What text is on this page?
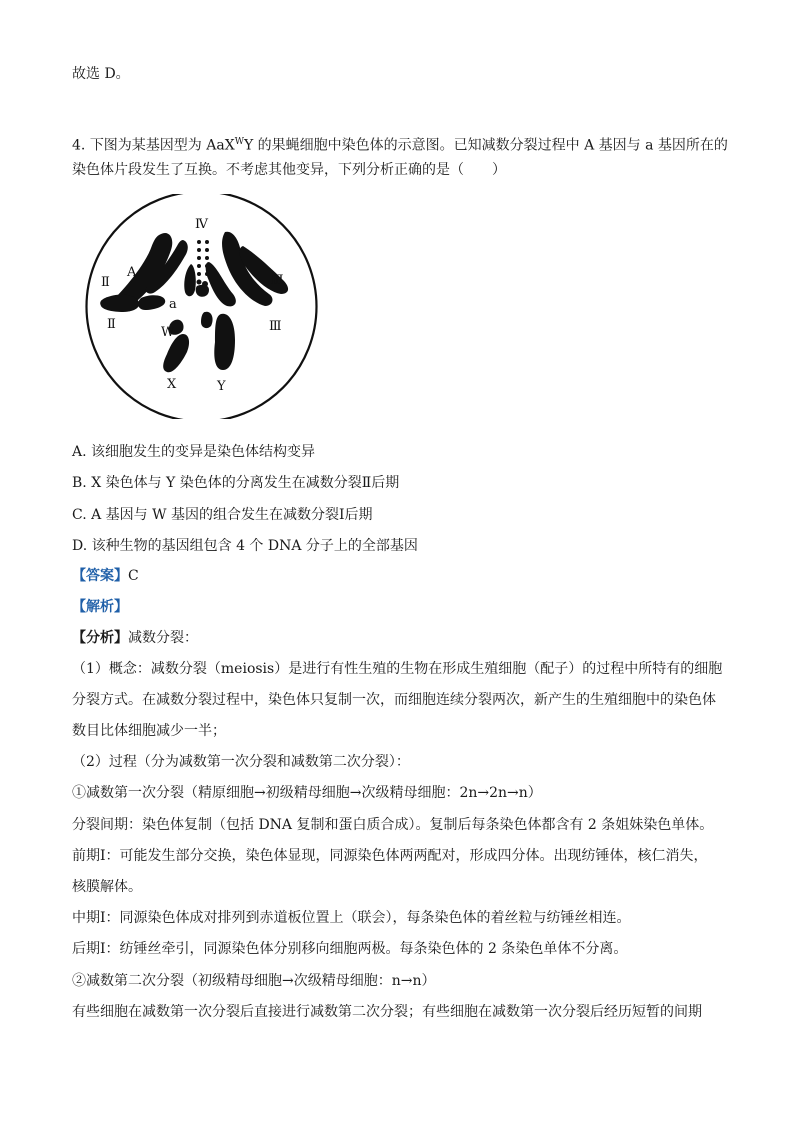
故选 D。
4. 下图为某基因型为 AaX$^W$Y 的果蝇细胞中染色体的示意图。已知减数分裂过程中 A 基因与 a 基因所在的
染色体片段发生了互换。不考虑其他变异，下列分析正确的是（　　）
Ⅳ
Ⅱ
Ⅱ
Ⅲ
Ⅲ
A
a
W
X	Y
A. 该细胞发生的变异是染色体结构变异
B. X 染色体与 Y 染色体的分离发生在减数分裂Ⅱ后期
C. A 基因与 W 基因的组合发生在减数分裂Ⅰ后期
D. 该种生物的基因组包含 4 个 DNA 分子上的全部基因
【答案】C
【解析】
【分析】减数分裂：
（1）概念：减数分裂（meiosis）是进行有性生殖的生物在形成生殖细胞（配子）的过程中所特有的细胞
分裂方式。在减数分裂过程中，染色体只复制一次，而细胞连续分裂两次，新产生的生殖细胞中的染色体
数目比体细胞减少一半；
（2）过程（分为减数第一次分裂和减数第二次分裂）：
①减数第一次分裂（精原细胞→初级精母细胞→次级精母细胞：2n→2n→n）
分裂间期：染色体复制（包括 DNA 复制和蛋白质合成）。复制后每条染色体都含有 2 条姐妹染色单体。
前期Ⅰ：可能发生部分交换，染色体显现，同源染色体两两配对，形成四分体。出现纺锤体，核仁消失，
核膜解体。
中期Ⅰ：同源染色体成对排列到赤道板位置上（联会），每条染色体的着丝粒与纺锤丝相连。
后期Ⅰ：纺锤丝牵引，同源染色体分别移向细胞两极。每条染色体的 2 条染色单体不分离。
②减数第二次分裂（初级精母细胞→次级精母细胞：n→n）
有些细胞在减数第一次分裂后直接进行减数第二次分裂；有些细胞在减数第一次分裂后经历短暂的间期
